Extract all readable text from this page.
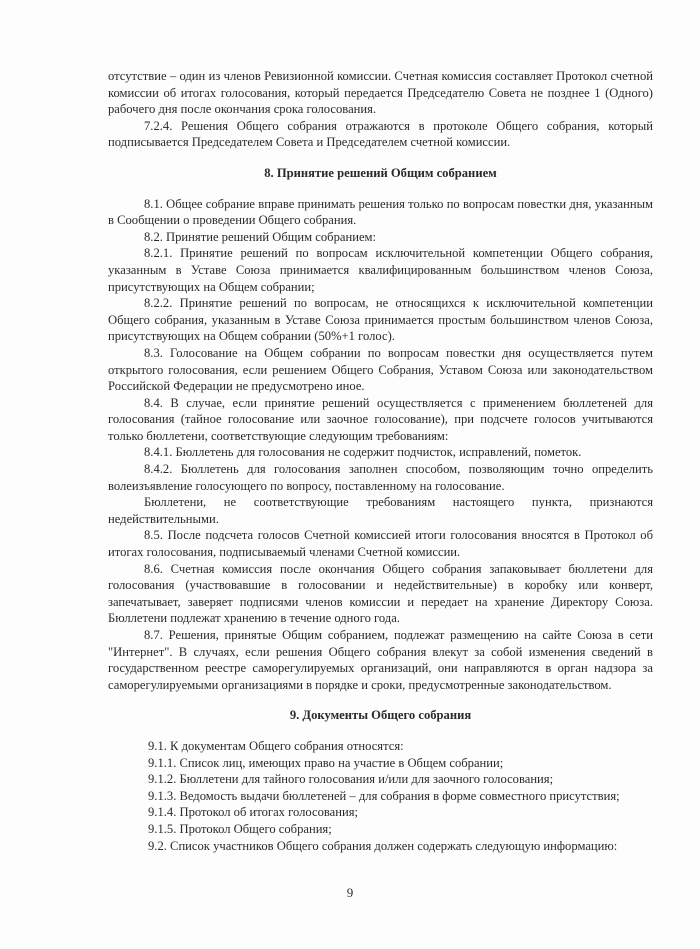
отсутствие – один из членов Ревизионной комиссии. Счетная комиссия составляет Протокол счетной комиссии об итогах голосования, который передается Председателю Совета не позднее 1 (Одного) рабочего дня после окончания срока голосования.
7.2.4. Решения Общего собрания отражаются в протоколе Общего собрания, который подписывается Председателем Совета и Председателем счетной комиссии.
8. Принятие решений Общим собранием
8.1. Общее собрание вправе принимать решения только по вопросам повестки дня, указанным в Сообщении о проведении Общего собрания.
8.2. Принятие решений Общим собранием:
8.2.1. Принятие решений по вопросам исключительной компетенции Общего собрания, указанным в Уставе Союза принимается квалифицированным большинством членов Союза, присутствующих на Общем собрании;
8.2.2. Принятие решений по вопросам, не относящихся к исключительной компетенции Общего собрания, указанным в Уставе Союза принимается простым большинством членов Союза, присутствующих на Общем собрании (50%+1 голос).
8.3. Голосование на Общем собрании по вопросам повестки дня осуществляется путем открытого голосования, если решением Общего Собрания, Уставом Союза или законодательством Российской Федерации не предусмотрено иное.
8.4. В случае, если принятие решений осуществляется с применением бюллетеней для голосования (тайное голосование или заочное голосование), при подсчете голосов учитываются только бюллетени, соответствующие следующим требованиям:
8.4.1. Бюллетень для голосования не содержит подчисток, исправлений, пометок.
8.4.2. Бюллетень для голосования заполнен способом, позволяющим точно определить волеизъявление голосующего по вопросу, поставленному на голосование.
Бюллетени, не соответствующие требованиям настоящего пункта, признаются недействительными.
8.5. После подсчета голосов Счетной комиссией итоги голосования вносятся в Протокол об итогах голосования, подписываемый членами Счетной комиссии.
8.6. Счетная комиссия после окончания Общего собрания запаковывает бюллетени для голосования (участвовавшие в голосовании и недействительные) в коробку или конверт, запечатывает, заверяет подписями членов комиссии и передает на хранение Директору Союза. Бюллетени подлежат хранению в течение одного года.
8.7. Решения, принятые Общим собранием, подлежат размещению на сайте Союза в сети "Интернет". В случаях, если решения Общего собрания влекут за собой изменения сведений в государственном реестре саморегулируемых организаций, они направляются в орган надзора за саморегулируемыми организациями в порядке и сроки, предусмотренные законодательством.
9. Документы Общего собрания
9.1. К документам Общего собрания относятся:
9.1.1. Список лиц, имеющих право на участие в Общем собрании;
9.1.2. Бюллетени для тайного голосования и/или для заочного голосования;
9.1.3. Ведомость выдачи бюллетеней – для собрания в форме совместного присутствия;
9.1.4. Протокол об итогах голосования;
9.1.5. Протокол Общего собрания;
9.2. Список участников Общего собрания должен содержать следующую информацию:
9
